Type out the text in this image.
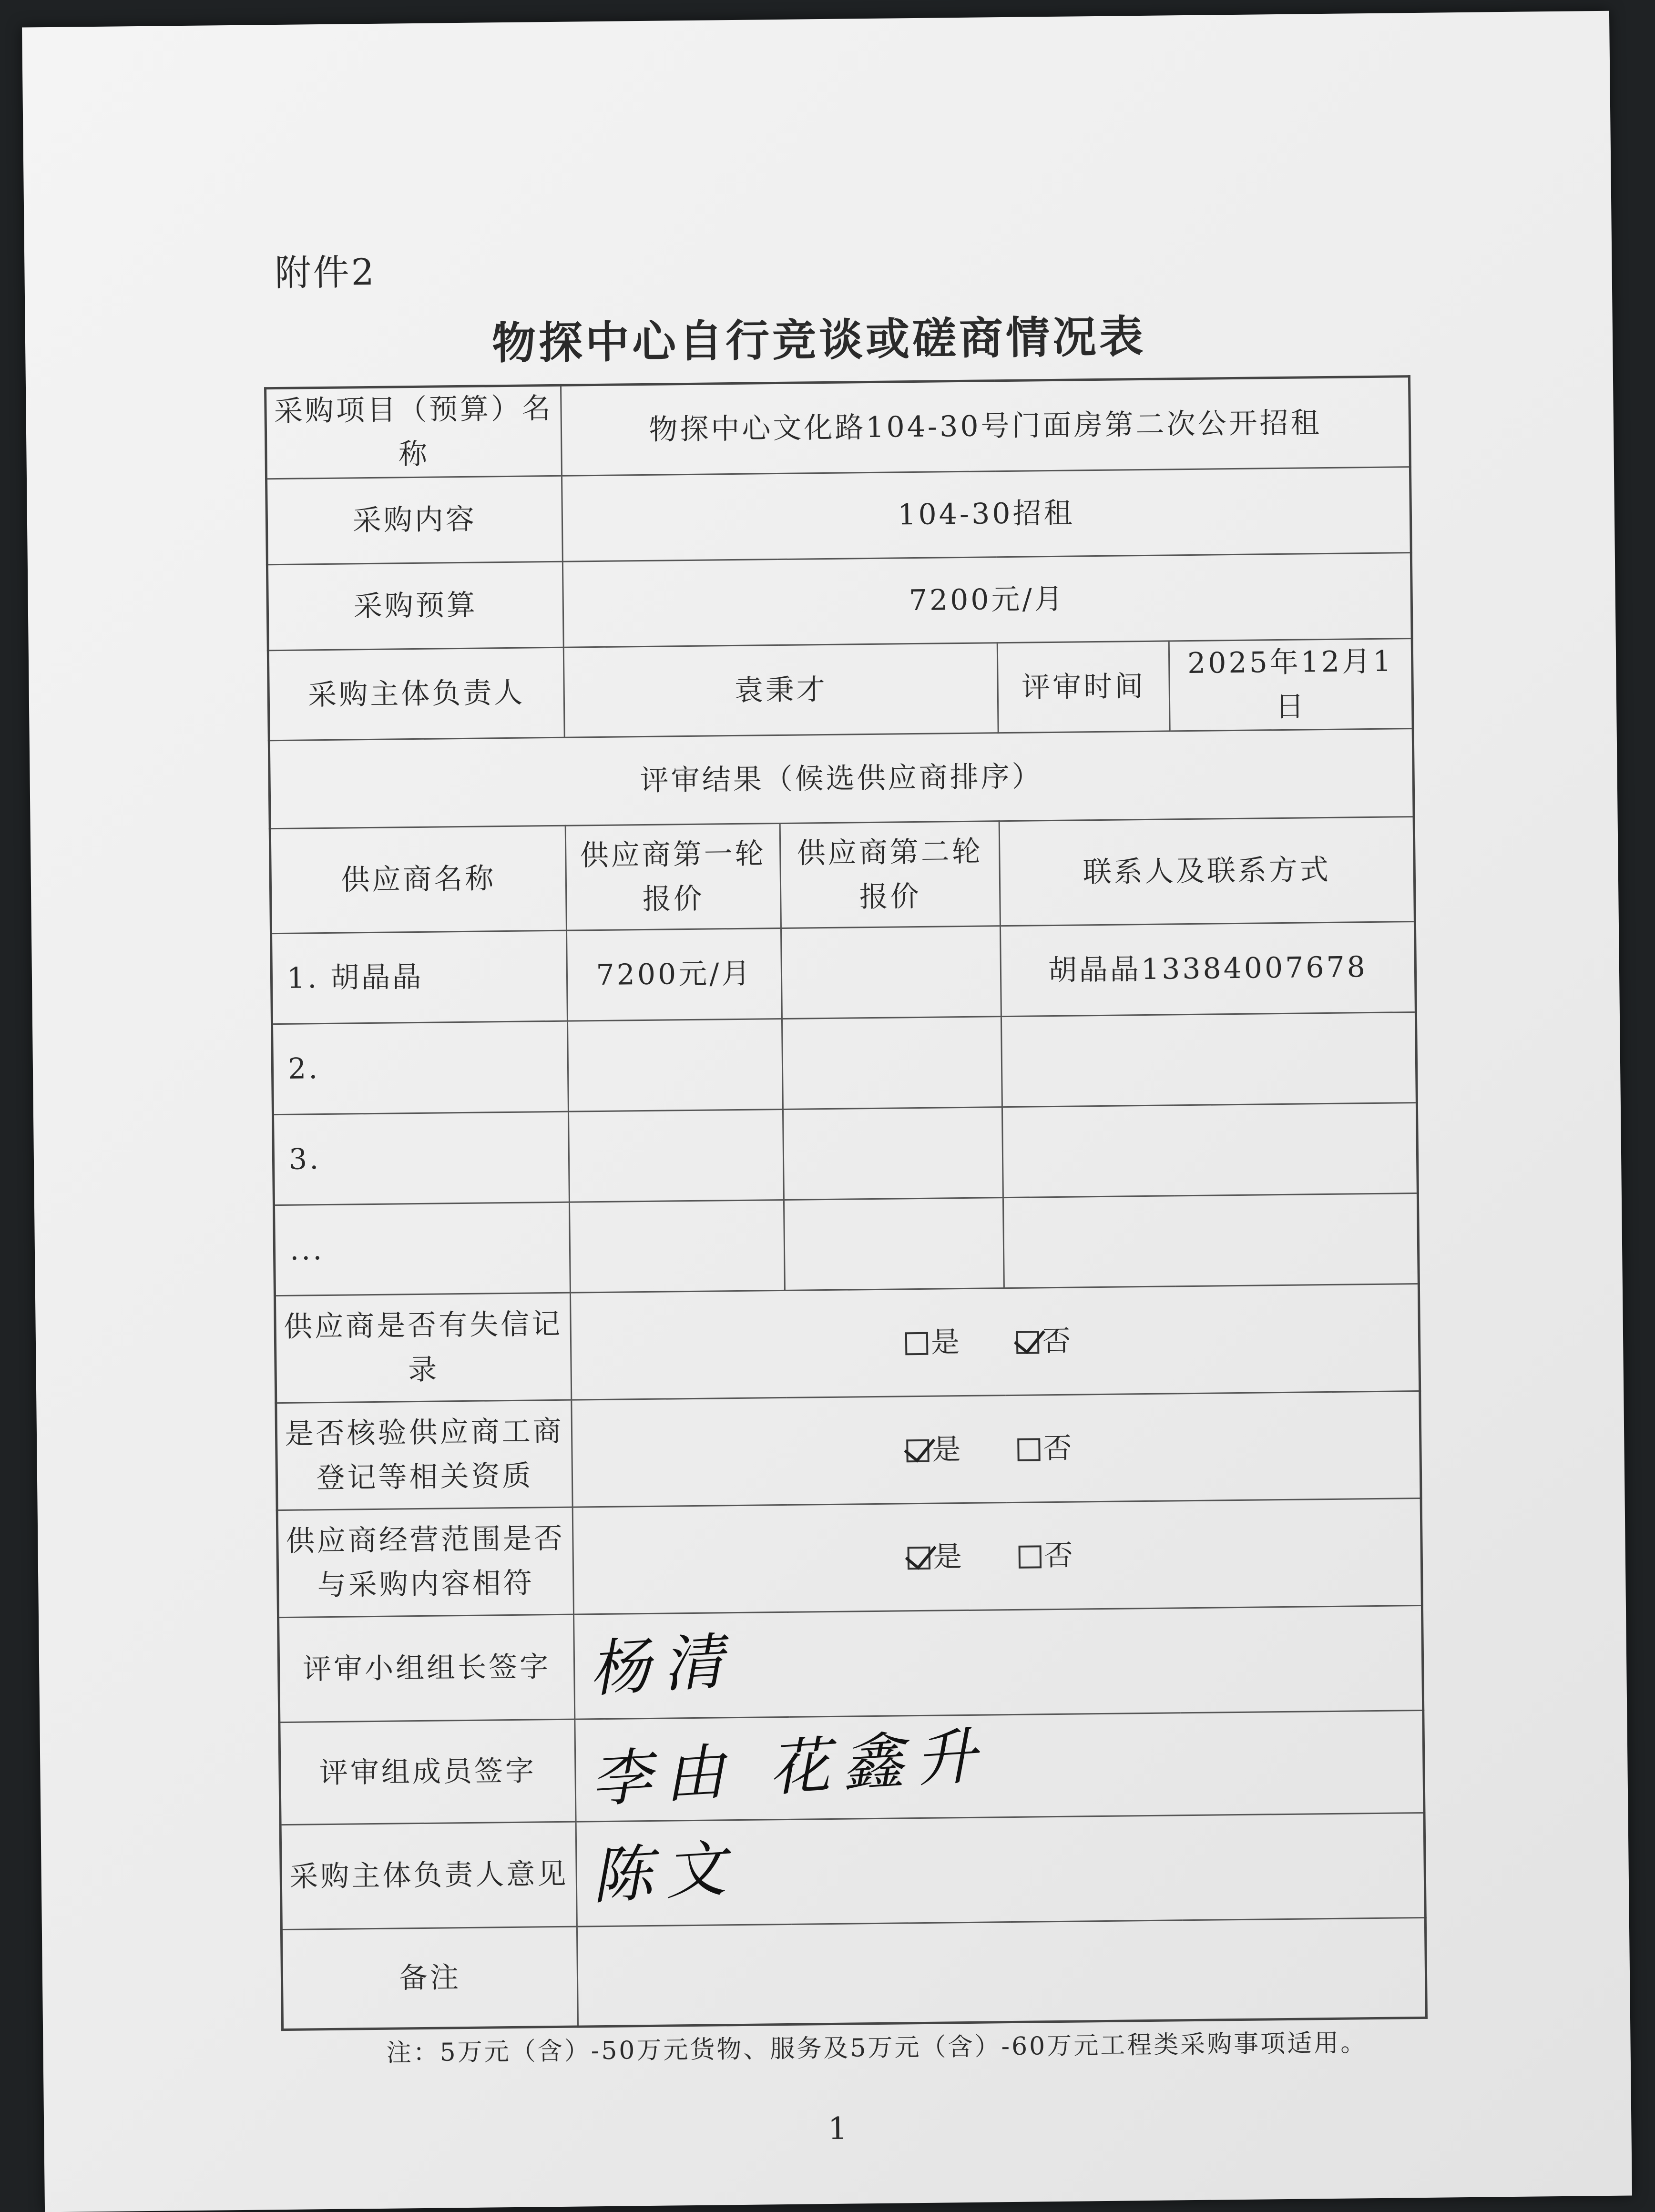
附件2
物探中心自行竞谈或磋商情况表
采购项目（预算）名称	物探中心文化路104-30号门面房第二次公开招租			
采购内容	104-30招租			
采购预算	7200元/月			
采购主体负责人	袁秉才		评审时间	2025年12月1日
评审结果（候选供应商排序）				
供应商名称	供应商第一轮报价	供应商第二轮报价	联系人及联系方式	
1. 胡晶晶	7200元/月		胡晶晶13384007678	
2.				
3.				
...				
供应商是否有失信记录	是 否			
是否核验供应商工商登记等相关资质	是 否			
供应商经营范围是否与采购内容相符	是 否			
评审小组组长签字	杨清			
评审组成员签字	李由 花鑫升			
采购主体负责人意见	陈文			
备注				
注：5万元（含）-50万元货物、服务及5万元（含）-60万元工程类采购事项适用。
1
